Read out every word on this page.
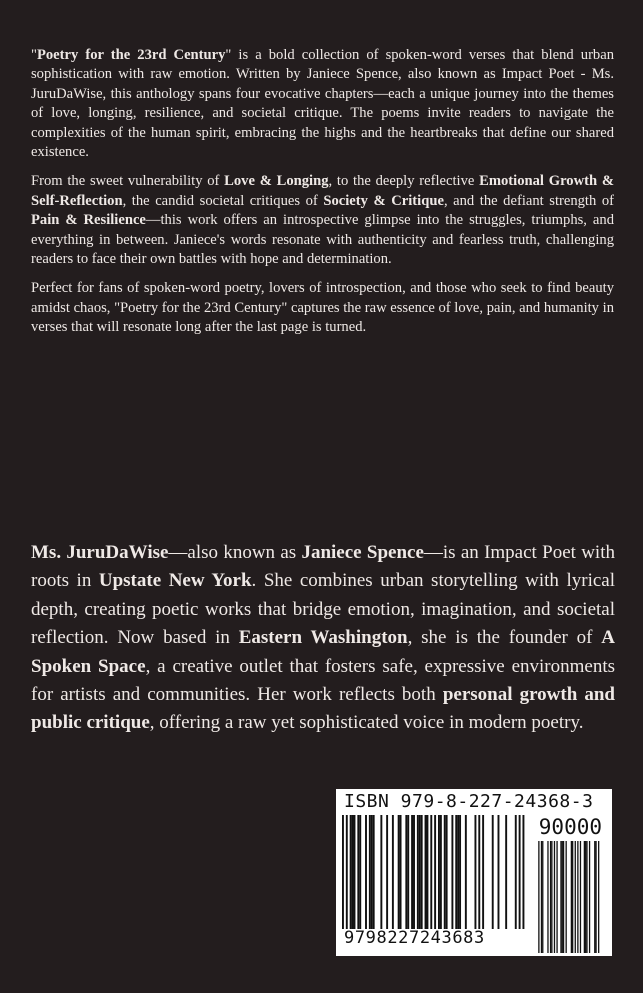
"Poetry for the 23rd Century" is a bold collection of spoken-word verses that blend urban sophistication with raw emotion. Written by Janiece Spence, also known as Impact Poet - Ms. JuruDaWise, this anthology spans four evocative chapters—each a unique journey into the themes of love, longing, resilience, and societal critique. The poems invite readers to navigate the complexities of the human spirit, embracing the highs and the heartbreaks that define our shared existence.

From the sweet vulnerability of Love & Longing, to the deeply reflective Emotional Growth & Self-Reflection, the candid societal critiques of Society & Critique, and the defiant strength of Pain & Resilience—this work offers an introspective glimpse into the struggles, triumphs, and everything in between. Janiece's words resonate with authenticity and fearless truth, challenging readers to face their own battles with hope and determination.

Perfect for fans of spoken-word poetry, lovers of introspection, and those who seek to find beauty amidst chaos, "Poetry for the 23rd Century" captures the raw essence of love, pain, and humanity in verses that will resonate long after the last page is turned.

Ms. JuruDaWise—also known as Janiece Spence—is an Impact Poet with roots in Upstate New York. She combines urban storytelling with lyrical depth, creating poetic works that bridge emotion, imagination, and societal reflection. Now based in Eastern Washington, she is the founder of A Spoken Space, a creative outlet that fosters safe, expressive environments for artists and communities. Her work reflects both personal growth and public critique, offering a raw yet sophisticated voice in modern poetry.

ISBN 979-8-227-24368-3
90000
9798227243683
